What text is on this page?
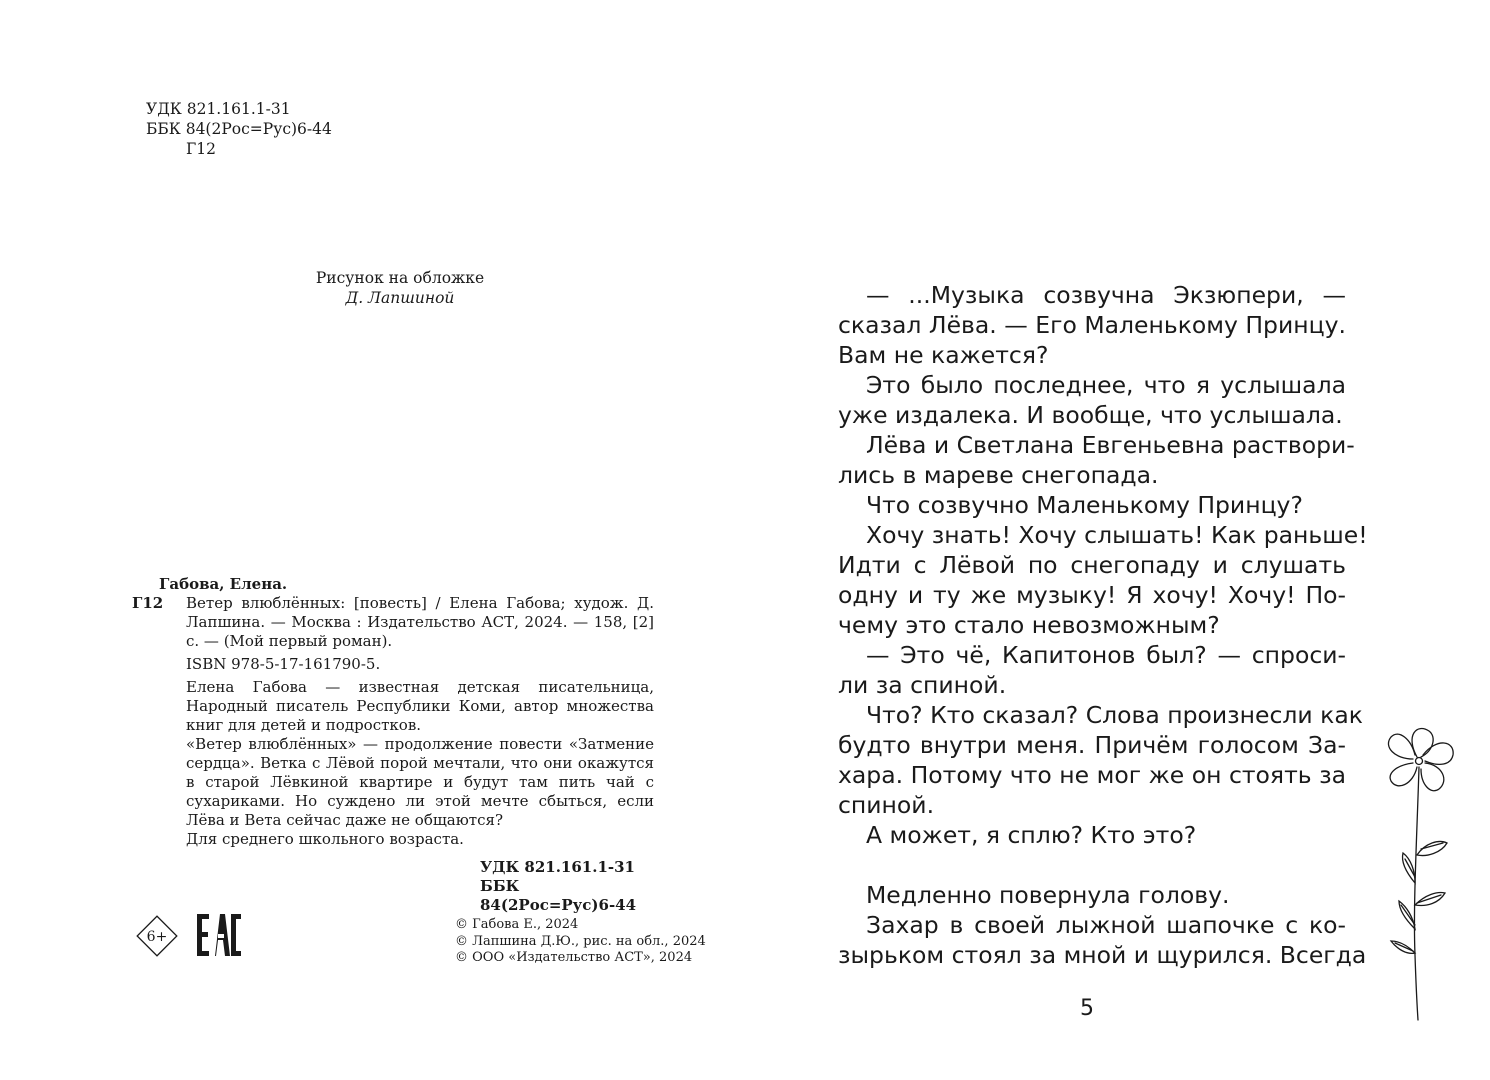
УДК 821.161.1-31
ББК 84(2Рос=Рус)6-44
Г12
Рисунок на обложке
Д. Лапшиной
Габова, Елена.
Г12	Ветер влюблённых: [повесть] / Елена Габова; худож. Д. Лапшина. — Москва : Издательство АСТ, 2024. — 158, [2] с. — (Мой первый роман).
ISBN 978-5-17-161790-5.

Елена Габова — известная детская писательница, Народный писатель Республики Коми, автор множества книг для детей и подростков.

«Ветер влюблённых» — продолжение повести «Затмение сердца». Ветка с Лёвой порой мечтали, что они окажутся в старой Лёвкиной квартире и будут там пить чай с сухариками. Но суждено ли этой мечте сбыться, если Лёва и Вета сейчас даже не общаются?

Для среднего школьного возраста.

УДК 821.161.1-31
ББК 84(2Рос=Рус)6-44
6+
© Габова Е., 2024
© Лапшина Д.Ю., рис. на обл., 2024
© ООО «Издательство АСТ», 2024
— ...Музыка созвучна Экзюпери, —
сказал Лёва. — Его Маленькому Принцу.
Вам не кажется?
Это было последнее, что я услышала
уже издалека. И вообще, что услышала.
Лёва и Светлана Евгеньевна раствори-
лись в мареве снегопада.
Что созвучно Маленькому Принцу?
Хочу знать! Хочу слышать! Как раньше!
Идти с Лёвой по снегопаду и слушать
одну и ту же музыку! Я хочу! Хочу! По-
чему это стало невозможным?
— Это чё, Капитонов был? — спроси-
ли за спиной.
Что? Кто сказал? Слова произнесли как
будто внутри меня. Причём голосом За-
хара. Потому что не мог же он стоять за
спиной.
А может, я сплю? Кто это?
Медленно повернула голову.
Захар в своей лыжной шапочке с ко-
зырьком стоял за мной и щурился. Всегда
5
